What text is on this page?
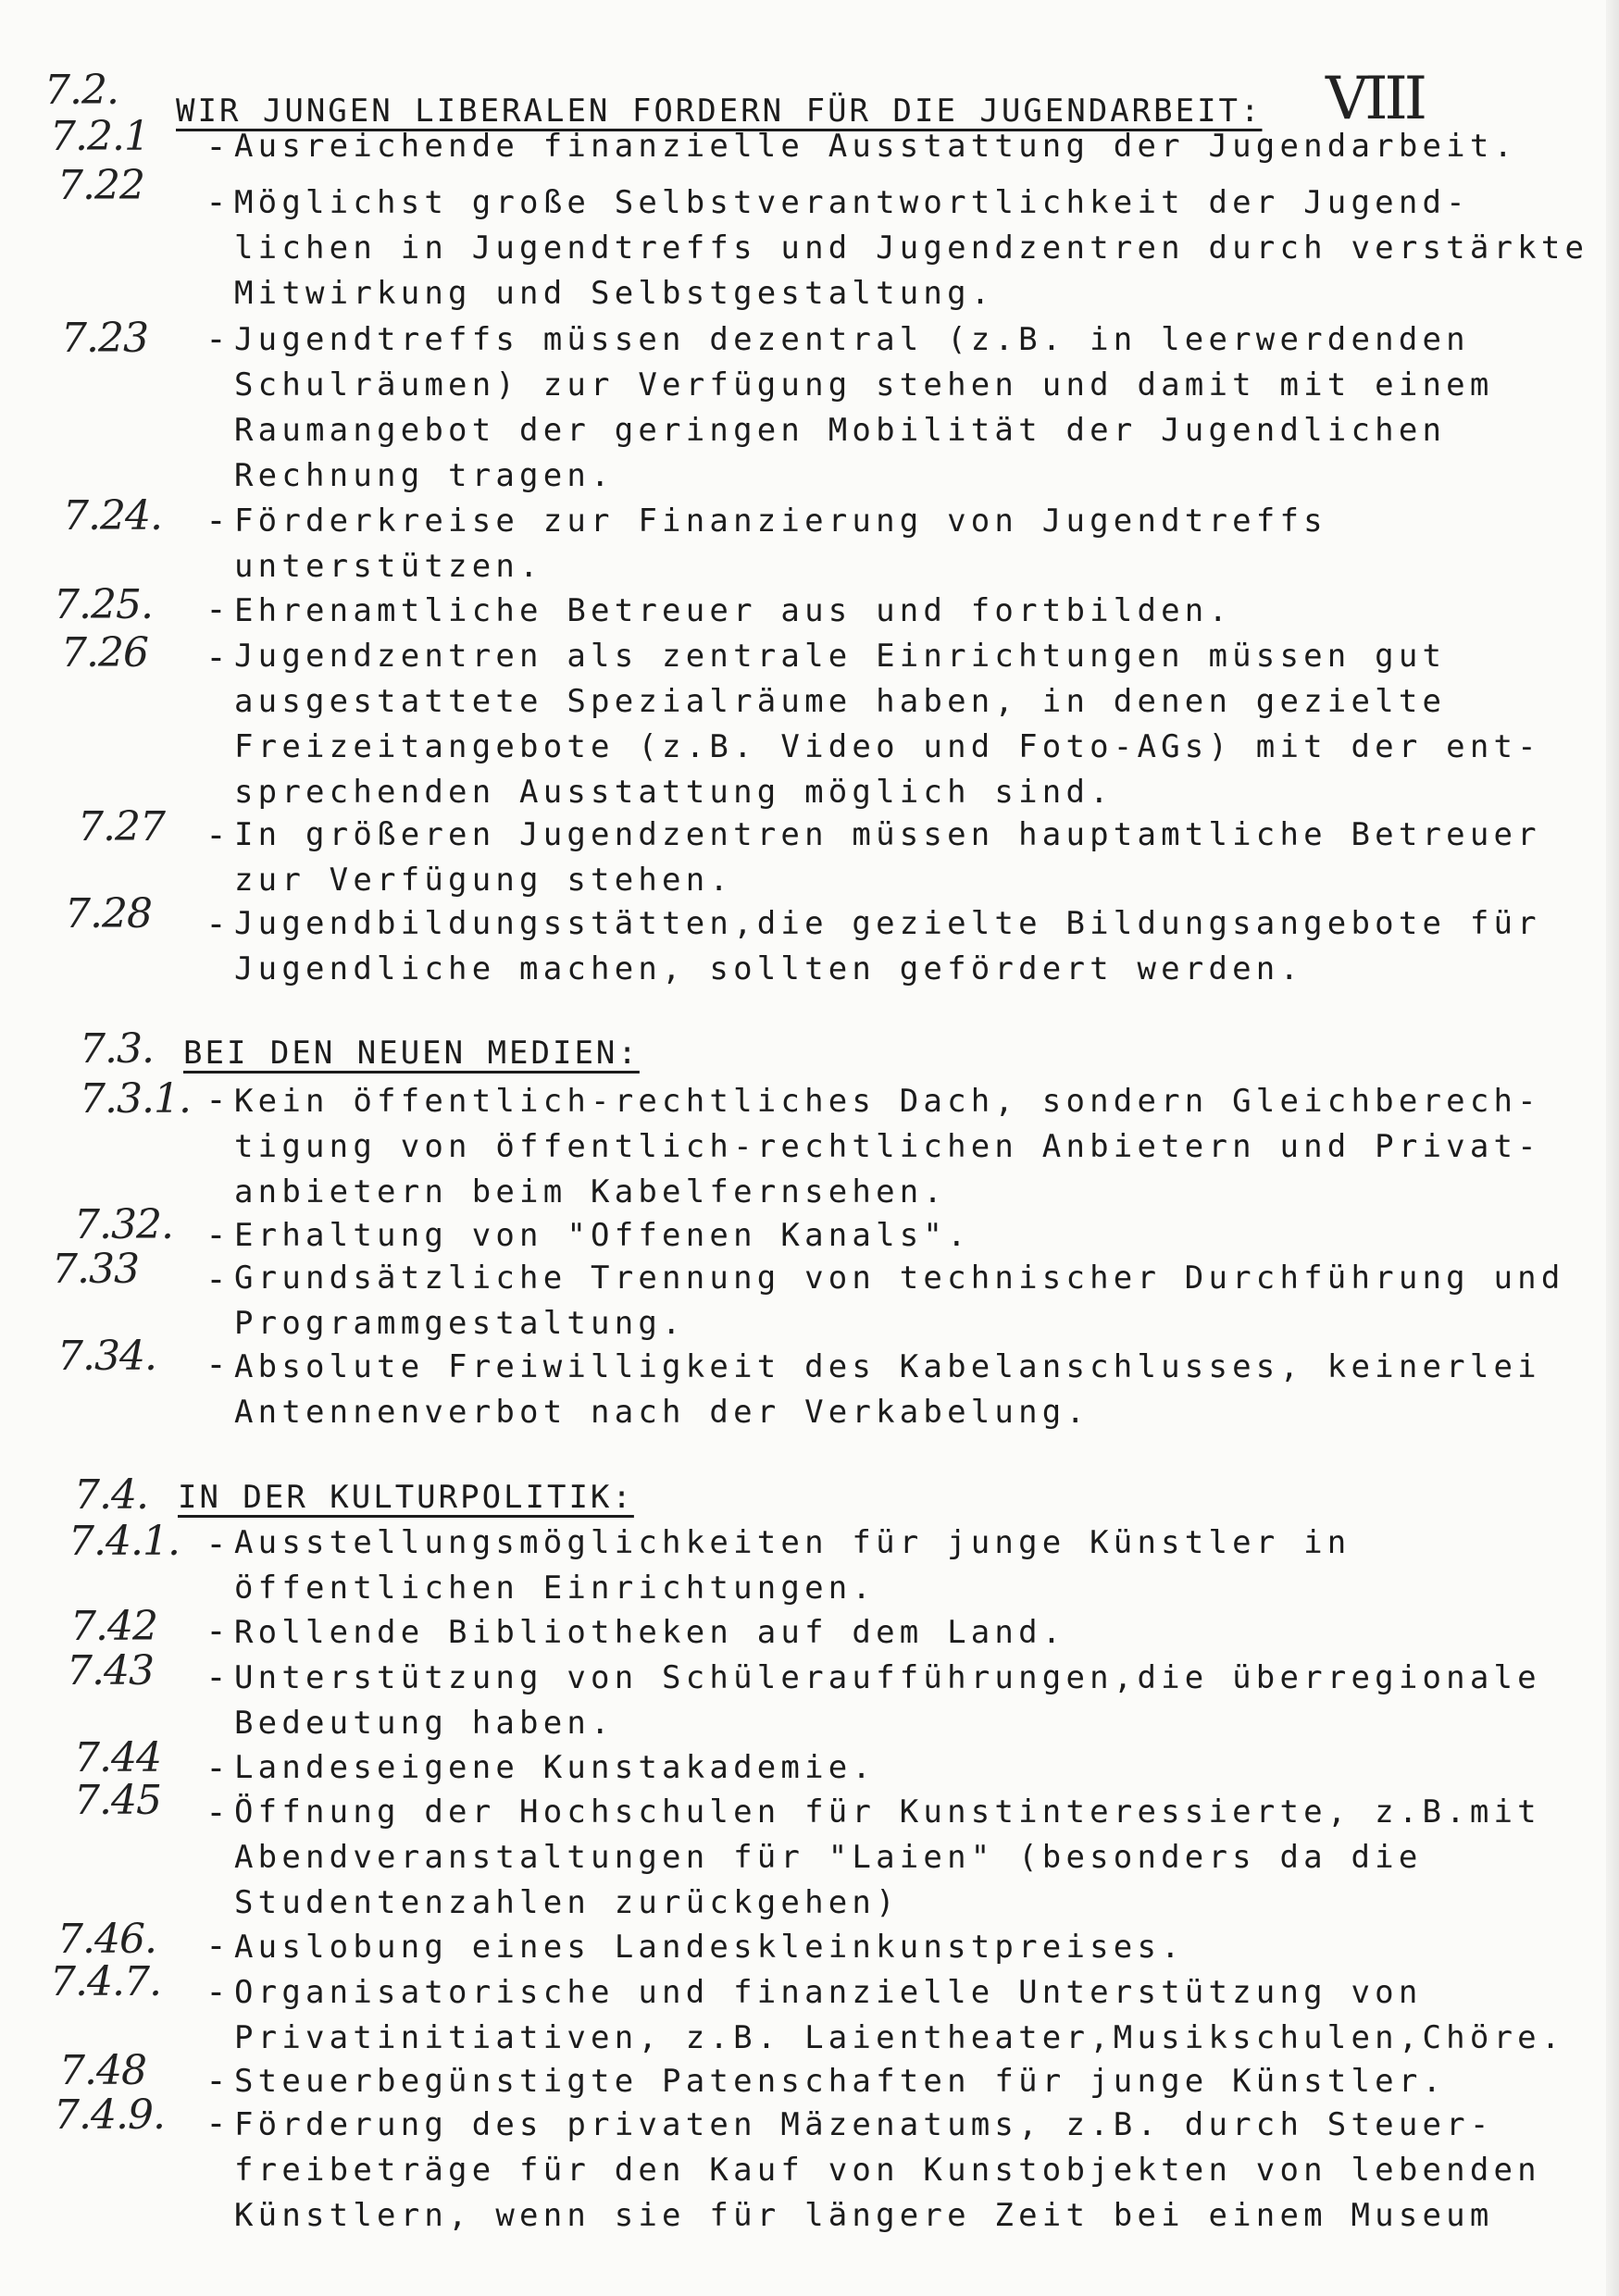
VIII
7.2. WIR JUNGEN LIBERALEN FORDERN FÜR DIE JUGENDARBEIT:
7.2.1 - Ausreichende finanzielle Ausstattung der Jugendarbeit.
7.22 - Möglichst große Selbstverantwortlichkeit der Jugend-
lichen in Jugendtreffs und Jugendzentren durch verstärkte
Mitwirkung und Selbstgestaltung.
7.23 - Jugendtreffs müssen dezentral (z.B. in leerwerdenden
Schulräumen) zur Verfügung stehen und damit mit einem
Raumangebot der geringen Mobilität der Jugendlichen
Rechnung tragen.
7.24. - Förderkreise zur Finanzierung von Jugendtreffs
unterstützen.
7.25. - Ehrenamtliche Betreuer aus und fortbilden.
7.26 - Jugendzentren als zentrale Einrichtungen müssen gut
ausgestattete Spezialräume haben, in denen gezielte
Freizeitangebote (z.B. Video und Foto-AGs) mit der ent-
sprechenden Ausstattung möglich sind.
7.27 - In größeren Jugendzentren müssen hauptamtliche Betreuer
zur Verfügung stehen.
7.28 - Jugendbildungsstätten,die gezielte Bildungsangebote für
Jugendliche machen, sollten gefördert werden.
7.3. BEI DEN NEUEN MEDIEN:
7.3.1. - Kein öffentlich-rechtliches Dach, sondern Gleichberech-
tigung von öffentlich-rechtlichen Anbietern und Privat-
anbietern beim Kabelfernsehen.
7.32. - Erhaltung von "Offenen Kanals".
7.33 - Grundsätzliche Trennung von technischer Durchführung und
Programmgestaltung.
7.34. - Absolute Freiwilligkeit des Kabelanschlusses, keinerlei
Antennenverbot nach der Verkabelung.
7.4. IN DER KULTURPOLITIK:
7.4.1. - Ausstellungsmöglichkeiten für junge Künstler in
öffentlichen Einrichtungen.
7.42 - Rollende Bibliotheken auf dem Land.
7.43 - Unterstützung von Schüleraufführungen,die überregionale
Bedeutung haben.
7.44 - Landeseigene Kunstakademie.
7.45 - Öffnung der Hochschulen für Kunstinteressierte, z.B.mit
Abendveranstaltungen für "Laien" (besonders da die
Studentenzahlen zurückgehen)
7.46. - Auslobung eines Landeskleinkunstpreises.
7.4.7. - Organisatorische und finanzielle Unterstützung von
Privatinitiativen, z.B. Laientheater,Musikschulen,Chöre.
7.48 - Steuerbegünstigte Patenschaften für junge Künstler.
7.4.9. - Förderung des privaten Mäzenatums, z.B. durch Steuer-
freibeträge für den Kauf von Kunstobjekten von lebenden
Künstlern, wenn sie für längere Zeit bei einem Museum
